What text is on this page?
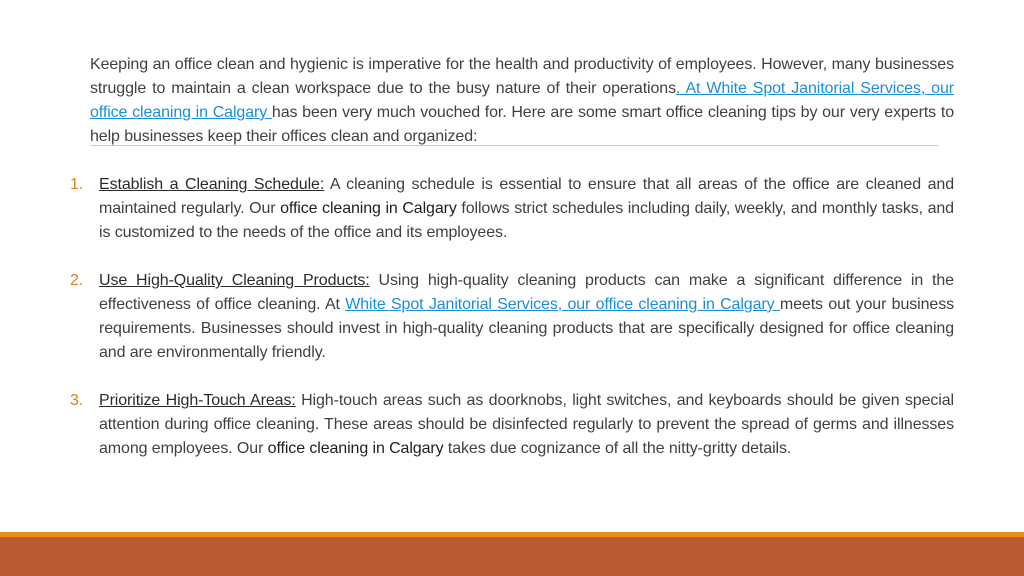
Keeping an office clean and hygienic is imperative for the health and productivity of employees. However, many businesses struggle to maintain a clean workspace due to the busy nature of their operations. At White Spot Janitorial Services, our office cleaning in Calgary has been very much vouched for. Here are some smart office cleaning tips by our very experts to help businesses keep their offices clean and organized:

1. Establish a Cleaning Schedule: A cleaning schedule is essential to ensure that all areas of the office are cleaned and maintained regularly. Our office cleaning in Calgary follows strict schedules including daily, weekly, and monthly tasks, and is customized to the needs of the office and its employees.
2. Use High-Quality Cleaning Products: Using high-quality cleaning products can make a significant difference in the effectiveness of office cleaning. At White Spot Janitorial Services, our office cleaning in Calgary meets out your business requirements. Businesses should invest in high-quality cleaning products that are specifically designed for office cleaning and are environmentally friendly.
3. Prioritize High-Touch Areas: High-touch areas such as doorknobs, light switches, and keyboards should be given special attention during office cleaning. These areas should be disinfected regularly to prevent the spread of germs and illnesses among employees. Our office cleaning in Calgary takes due cognizance of all the nitty-gritty details.
